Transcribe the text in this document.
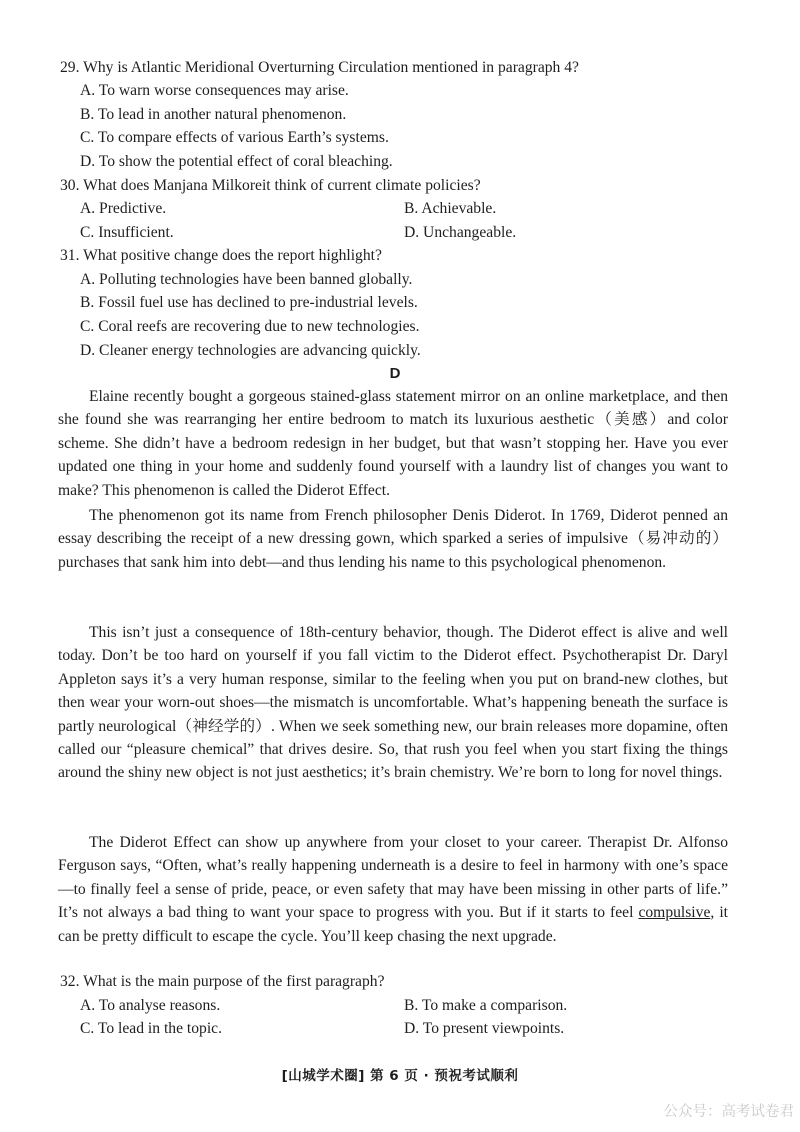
29. Why is Atlantic Meridional Overturning Circulation mentioned in paragraph 4?
A. To warn worse consequences may arise.
B. To lead in another natural phenomenon.
C. To compare effects of various Earth’s systems.
D. To show the potential effect of coral bleaching.
30. What does Manjana Milkoreit think of current climate policies?
A. Predictive.	B. Achievable.
C. Insufficient.	D. Unchangeable.
31. What positive change does the report highlight?
A. Polluting technologies have been banned globally.
B. Fossil fuel use has declined to pre-industrial levels.
C. Coral reefs are recovering due to new technologies.
D. Cleaner energy technologies are advancing quickly.
D

Elaine recently bought a gorgeous stained-glass statement mirror on an online marketplace, and then she found she was rearranging her entire bedroom to match its luxurious aesthetic（美感）and color scheme. She didn’t have a bedroom redesign in her budget, but that wasn’t stopping her. Have you ever updated one thing in your home and suddenly found yourself with a laundry list of changes you want to make? This phenomenon is called the Diderot Effect.

The phenomenon got its name from French philosopher Denis Diderot. In 1769, Diderot penned an essay describing the receipt of a new dressing gown, which sparked a series of impulsive（易冲动的）purchases that sank him into debt—and thus lending his name to this psychological phenomenon.

This isn’t just a consequence of 18th-century behavior, though. The Diderot effect is alive and well today. Don’t be too hard on yourself if you fall victim to the Diderot effect. Psychotherapist Dr. Daryl Appleton says it’s a very human response, similar to the feeling when you put on brand-new clothes, but then wear your worn-out shoes—the mismatch is uncomfortable. What’s happening beneath the surface is partly neurological（神经学的）. When we seek something new, our brain releases more dopamine, often called our “pleasure chemical” that drives desire. So, that rush you feel when you start fixing the things around the shiny new object is not just aesthetics; it’s brain chemistry. We’re born to long for novel things.

The Diderot Effect can show up anywhere from your closet to your career. Therapist Dr. Alfonso Ferguson says, “Often, what’s really happening underneath is a desire to feel in harmony with one’s space—to finally feel a sense of pride, peace, or even safety that may have been missing in other parts of life.” It’s not always a bad thing to want your space to progress with you. But if it starts to feel compulsive, it can be pretty difficult to escape the cycle. You’ll keep chasing the next upgrade.

32. What is the main purpose of the first paragraph?
A. To analyse reasons.	B. To make a comparison.
C. To lead in the topic.	D. To present viewpoints.
[山城学术圈] 第 6 页 · 预祝考试顺利
公众号：高考试卷君
